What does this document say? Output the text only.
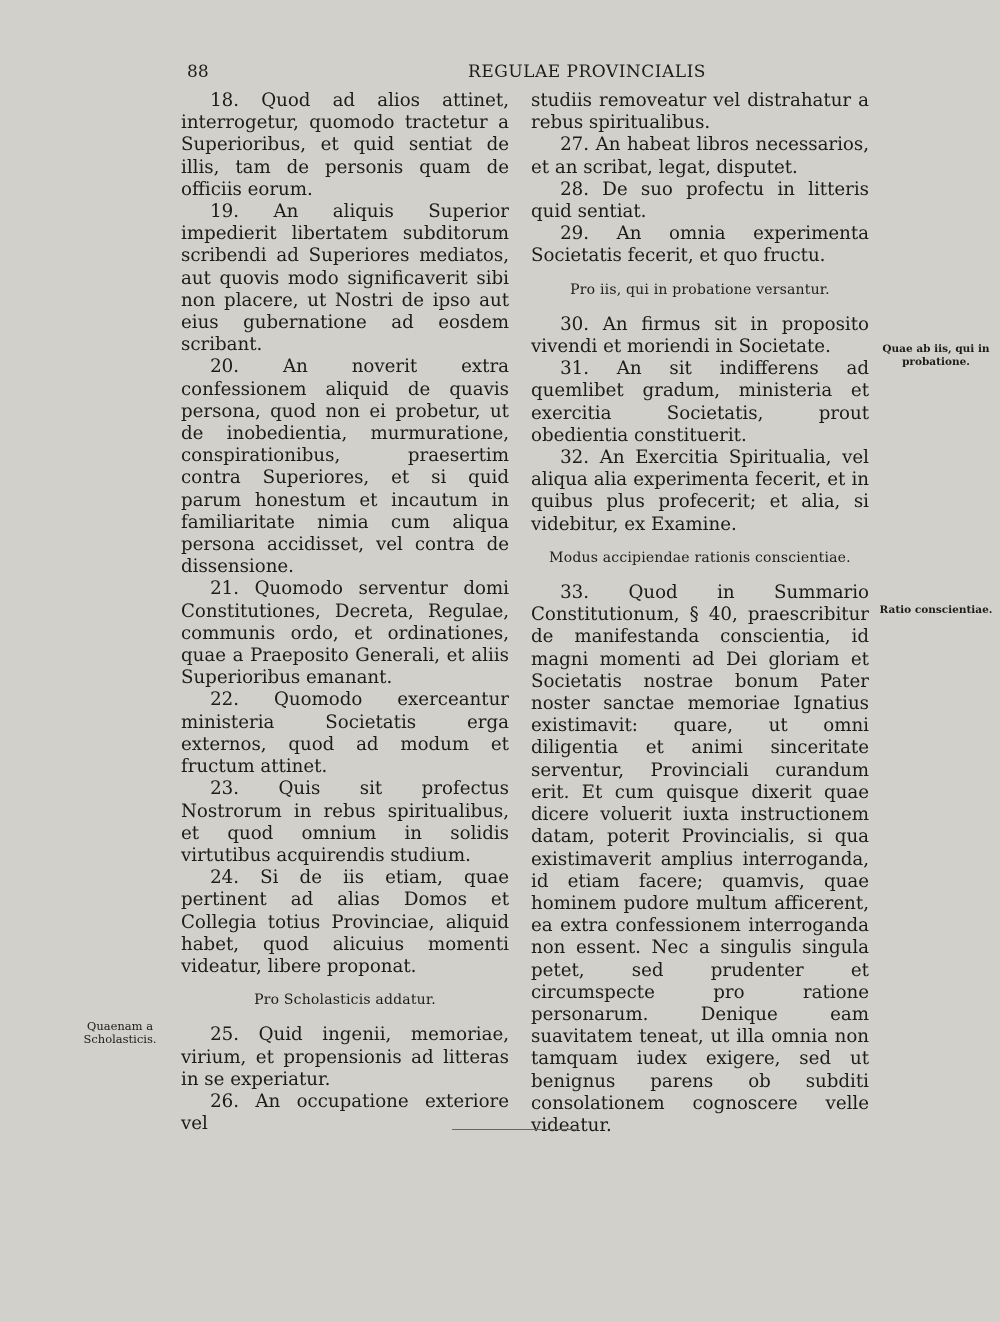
88	REGULAE PROVINCIALIS

18. Quod ad alios attinet, interrogetur, quomodo tractetur a Superioribus, et quid sentiat de illis, tam de personis quam de officiis eorum.

19. An aliquis Superior impedierit libertatem subditorum scribendi ad Superiores mediatos, aut quovis modo significaverit sibi non placere, ut Nostri de ipso aut eius gubernatione ad eosdem scribant.

20. An noverit extra confessionem aliquid de quavis persona, quod non ei probetur, ut de inobedientia, murmuratione, conspirationibus, praesertim contra Superiores, et si quid parum honestum et incautum in familiaritate nimia cum aliqua persona accidisset, vel contra de dissensione.

21. Quomodo serventur domi Constitutiones, Decreta, Regulae, communis ordo, et ordinationes, quae a Praeposito Generali, et aliis Superioribus emanant.

22. Quomodo exerceantur ministeria Societatis erga externos, quod ad modum et fructum attinet.

23. Quis sit profectus Nostrorum in rebus spiritualibus, et quod omnium in solidis virtutibus acquirendis studium.

24. Si de iis etiam, quae pertinent ad alias Domos et Collegia totius Provinciae, aliquid habet, quod alicuius momenti videatur, libere proponat.

Pro Scholasticis addatur.

25. Quid ingenii, memoriae, virium, et propensionis ad litteras in se experiatur.

26. An occupatione exteriore vel

studiis removeatur vel distrahatur a rebus spiritualibus.

27. An habeat libros necessarios, et an scribat, legat, disputet.

28. De suo profectu in litteris quid sentiat.

29. An omnia experimenta Societatis fecerit, et quo fructu.

Pro iis, qui in probatione versantur.

30. An firmus sit in proposito vivendi et moriendi in Societate.

31. An sit indifferens ad quemlibet gradum, ministeria et exercitia Societatis, prout obedientia constituerit.

32. An Exercitia Spiritualia, vel aliqua alia experimenta fecerit, et in quibus plus profecerit; et alia, si videbitur, ex Examine.

Modus accipiendae rationis conscientiae.

33. Quod in Summario Constitutionum, § 40, praescribitur de manifestanda conscientia, id magni momenti ad Dei gloriam et Societatis nostrae bonum Pater noster sanctae memoriae Ignatius existimavit: quare, ut omni diligentia et animi sinceritate serventur, Provinciali curandum erit. Et cum quisque dixerit quae dicere voluerit iuxta instructionem datam, poterit Provincialis, si qua existimaverit amplius interroganda, id etiam facere; quamvis, quae hominem pudore multum afficerent, ea extra confessionem interroganda non essent. Nec a singulis singula petet, sed prudenter et circumspecte pro ratione personarum. Denique eam suavitatem teneat, ut illa omnia non tamquam iudex exigere, sed ut benignus parens ob subditi consolationem cognoscere velle videatur.

Quaenam a Scholasticis.
Quae ab iis, qui in probatione.
Ratio conscientiae.
